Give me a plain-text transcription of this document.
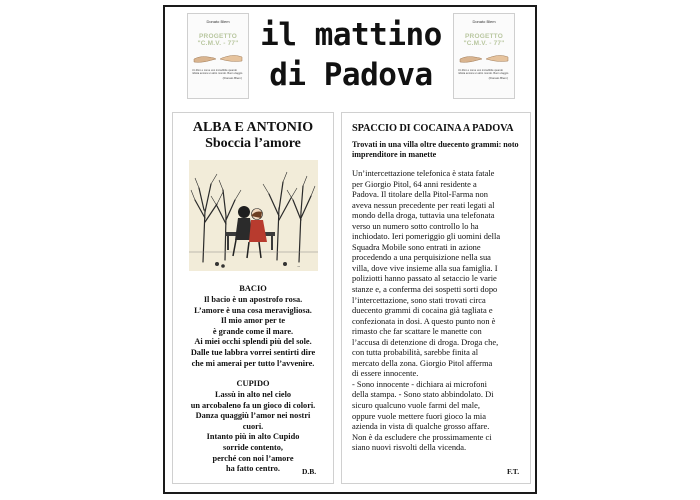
Donato Blem
PROGETTO
"C.M.V. - 77"
Un libro e come uno incredibile quando ridotta ancora un altro mondo. Buon viaggio
(Donato Blem)
il mattino
di Padova
Donato Blem
PROGETTO
"C.M.V. - 77"
Un libro e come uno incredibile quando ridotta ancora un altro mondo. Buon viaggio
(Donato Blem)
ALBA E ANTONIO
Sboccia l’amore
~
BACIO
Il bacio è un apostrofo rosa.
L’amore è una cosa meravigliosa.
Il mio amor per te
è grande come il mare.
Ai miei occhi splendi più del sole.
Dalle tue labbra vorrei sentirti dire
che mi amerai per tutto l’avvenire.
CUPIDO
Lassù in alto nel cielo
un arcobaleno fa un gioco di colori.
Danza quaggiù l’amor nei nostri
cuori.
Intanto più in alto Cupido
sorride contento,
perché con noi l’amore
ha fatto centro.	D.B.
SPACCIO DI COCAINA A PADOVA
Trovati in una villa oltre duecento grammi: noto imprenditore in manette
Un’intercettazione telefonica è stata fatale
per Giorgio Pitol, 64 anni residente a
Padova. Il titolare della Pitol-Farma non
aveva nessun precedente per reati legati al
mondo della droga, tuttavia una telefonata
verso un numero sotto controllo lo ha
inchiodato. Ieri pomeriggio gli uomini della
Squadra Mobile sono entrati in azione
procedendo a una perquisizione nella sua
villa, dove vive insieme alla sua famiglia. I
poliziotti hanno passato al setaccio le varie
stanze e, a conferma dei sospetti sorti dopo
l’intercettazione, sono stati trovati circa
duecento grammi di cocaina già tagliata e
confezionata in dosi. A questo punto non è
rimasto che far scattare le manette con
l’accusa di detenzione di droga. Droga che,
con tutta probabilità, sarebbe finita al
mercato della zona. Giorgio Pitol afferma
di essere innocente.
- Sono innocente - dichiara ai microfoni
della stampa. - Sono stato abbindolato. Di
sicuro qualcuno vuole farmi del male,
oppure vuole mettere fuori gioco la mia
azienda in vista di qualche grosso affare.
Non è da escludere che prossimamente ci
siano nuovi risvolti della vicenda.
F.T.
